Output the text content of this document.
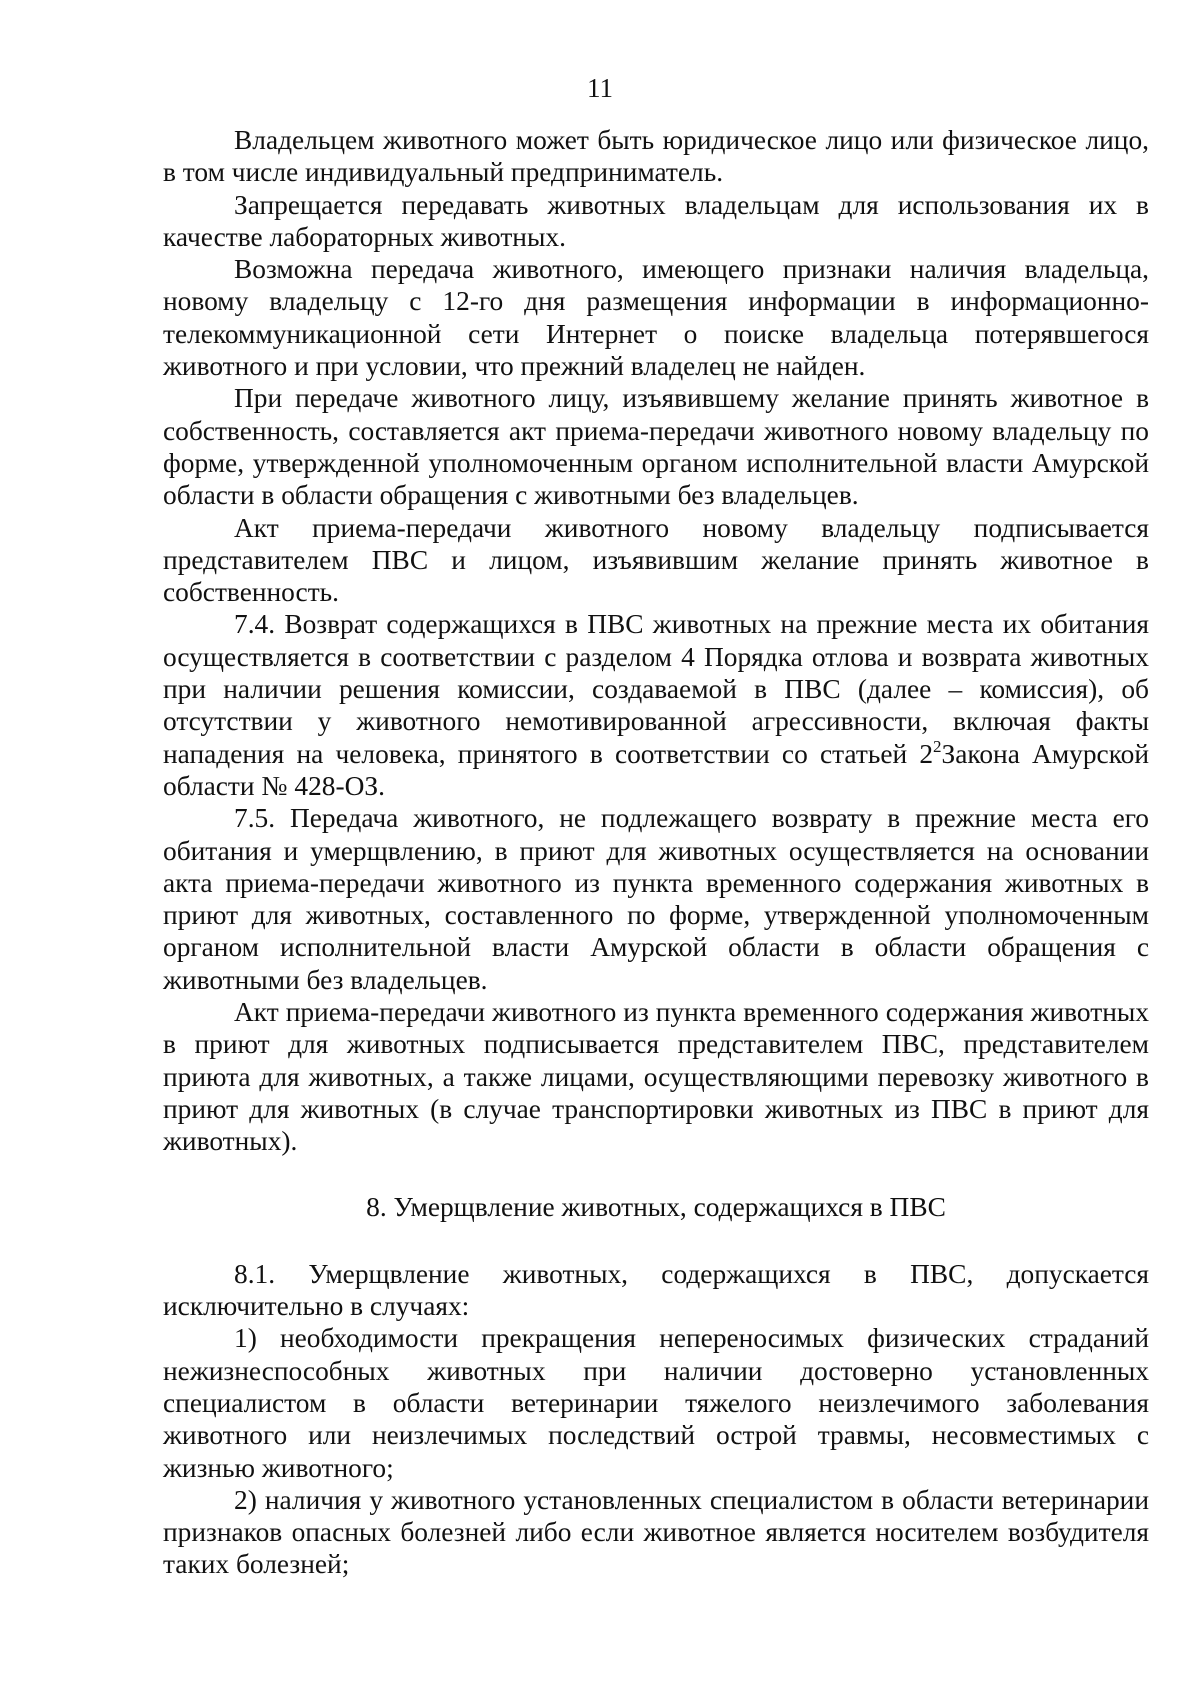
11

Владельцем животного может быть юридическое лицо или физическое лицо, в том числе индивидуальный предприниматель.

Запрещается передавать животных владельцам для использования их в качестве лабораторных животных.

Возможна передача животного, имеющего признаки наличия владельца, новому владельцу с 12-го дня размещения информации в информационно-телекоммуникационной сети Интернет о поиске владельца потерявшегося животного и при условии, что прежний владелец не найден.

При передаче животного лицу, изъявившему желание принять животное в собственность, составляется акт приема-передачи животного новому владельцу по форме, утвержденной уполномоченным органом исполнительной власти Амурской области в области обращения с животными без владельцев.

Акт приема-передачи животного новому владельцу подписывается представителем ПВС и лицом, изъявившим желание принять животное в собственность.

7.4. Возврат содержащихся в ПВС животных на прежние места их обитания осуществляется в соответствии с разделом 4 Порядка отлова и возврата животных при наличии решения комиссии, создаваемой в ПВС (далее – комиссия), об отсутствии у животного немотивированной агрессивности, включая факты нападения на человека, принятого в соответствии со статьей $2^2Закона$ Амурской области № 428-ОЗ.

7.5. Передача животного, не подлежащего возврату в прежние места его обитания и умерщвлению, в приют для животных осуществляется на основании акта приема-передачи животного из пункта временного содержания животных в приют для животных, составленного по форме, утвержденной уполномоченным органом исполнительной власти Амурской области в области обращения с животными без владельцев.

Акт приема-передачи животного из пункта временного содержания животных в приют для животных подписывается представителем ПВС, представителем приюта для животных, а также лицами, осуществляющими перевозку животного в приют для животных (в случае транспортировки животных из ПВС в приют для животных).

8. Умерщвление животных, содержащихся в ПВС

8.1. Умерщвление животных, содержащихся в ПВС, допускается исключительно в случаях:

1) необходимости прекращения непереносимых физических страданий нежизнеспособных животных при наличии достоверно установленных специалистом в области ветеринарии тяжелого неизлечимого заболевания животного или неизлечимых последствий острой травмы, несовместимых с жизнью животного;

2) наличия у животного установленных специалистом в области ветеринарии признаков опасных болезней либо если животное является носителем возбудителя таких болезней;
